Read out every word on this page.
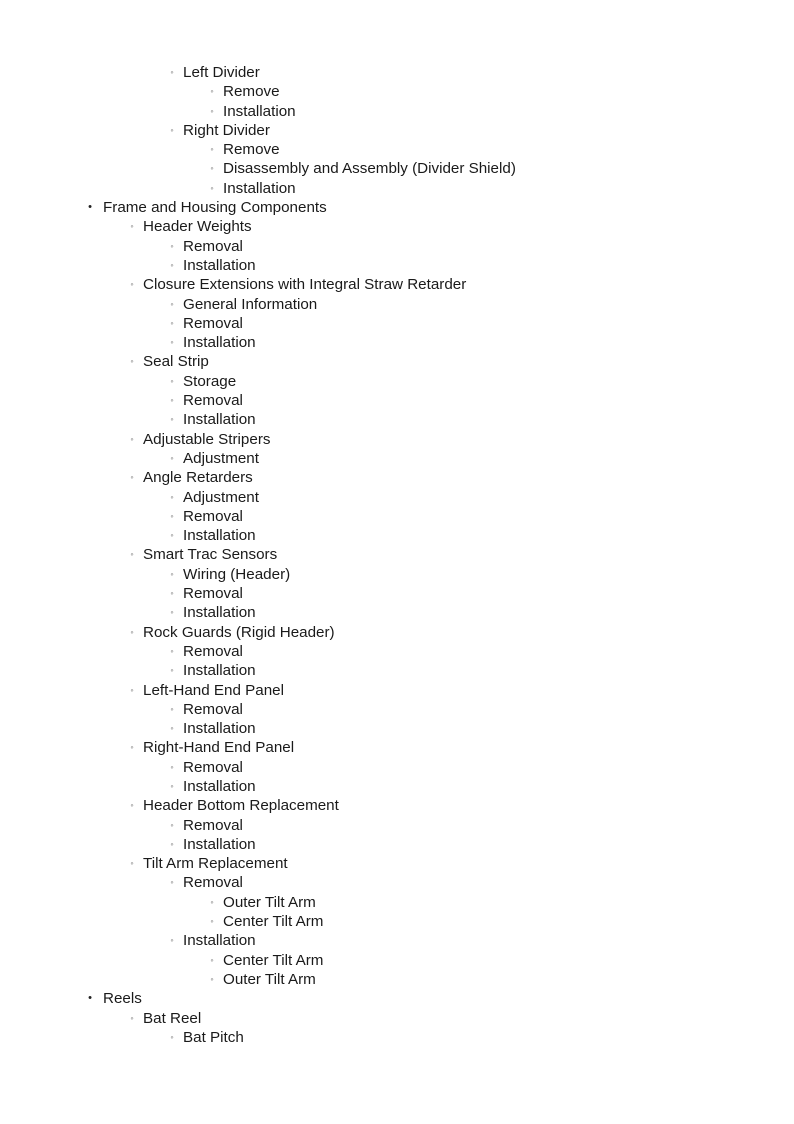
◦ Left Divider
◦ Remove
◦ Installation
◦ Right Divider
◦ Remove
◦ Disassembly and Assembly (Divider Shield)
◦ Installation
• Frame and Housing Components
◦ Header Weights
◦ Removal
◦ Installation
◦ Closure Extensions with Integral Straw Retarder
◦ General Information
◦ Removal
◦ Installation
◦ Seal Strip
◦ Storage
◦ Removal
◦ Installation
◦ Adjustable Stripers
◦ Adjustment
◦ Angle Retarders
◦ Adjustment
◦ Removal
◦ Installation
◦ Smart Trac Sensors
◦ Wiring (Header)
◦ Removal
◦ Installation
◦ Rock Guards (Rigid Header)
◦ Removal
◦ Installation
◦ Left-Hand End Panel
◦ Removal
◦ Installation
◦ Right-Hand End Panel
◦ Removal
◦ Installation
◦ Header Bottom Replacement
◦ Removal
◦ Installation
◦ Tilt Arm Replacement
◦ Removal
◦ Outer Tilt Arm
◦ Center Tilt Arm
◦ Installation
◦ Center Tilt Arm
◦ Outer Tilt Arm
• Reels
◦ Bat Reel
◦ Bat Pitch
